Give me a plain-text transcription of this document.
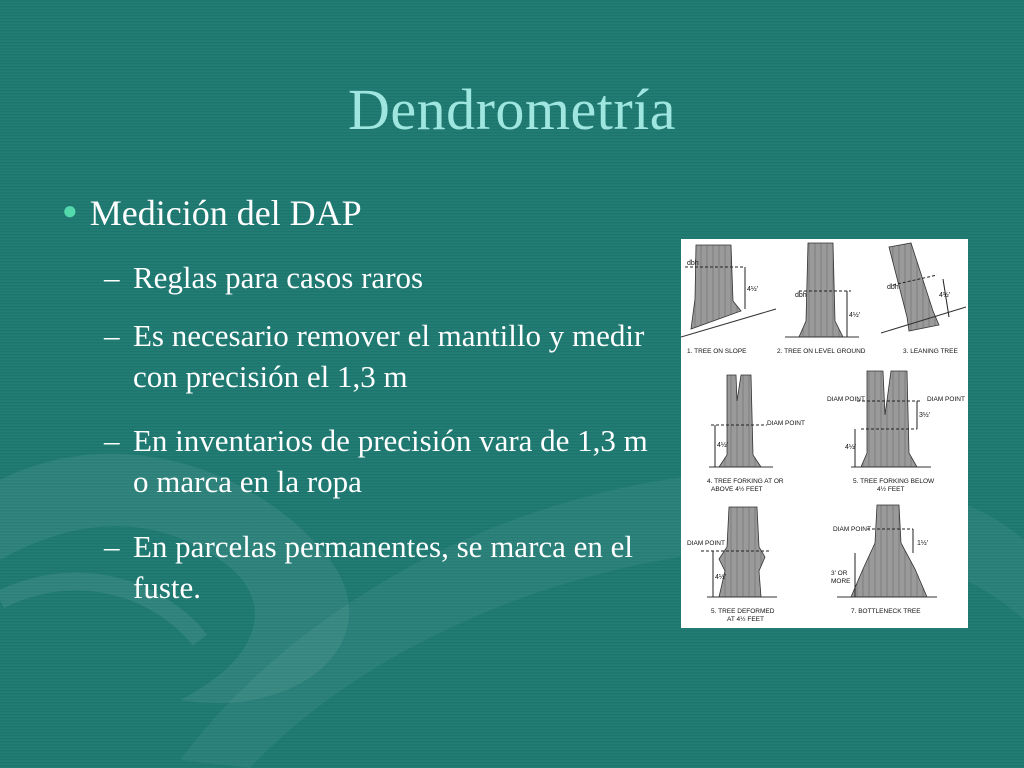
Dendrometría
● Medición del DAP
– Reglas para casos raros
– Es necesario remover el mantillo y medir con precisión el 1,3 m
– En inventarios de precisión vara de 1,3 m o marca en la ropa
– En parcelas permanentes, se marca en el fuste.
dbh
4½'
1. TREE ON SLOPE
dbh
4½'
2. TREE ON LEVEL GROUND
dbh
4½'
3. LEANING TREE
DIAM POINT
4½'
4. TREE FORKING AT OR
ABOVE 4½ FEET
DIAM POINT	DIAM POINT
3½'
4½'
5. TREE FORKING BELOW
4½ FEET
DIAM POINT
4½'
5. TREE DEFORMED
AT 4½ FEET
DIAM POINT
1½'
3' OR
MORE
7. BOTTLENECK TREE
